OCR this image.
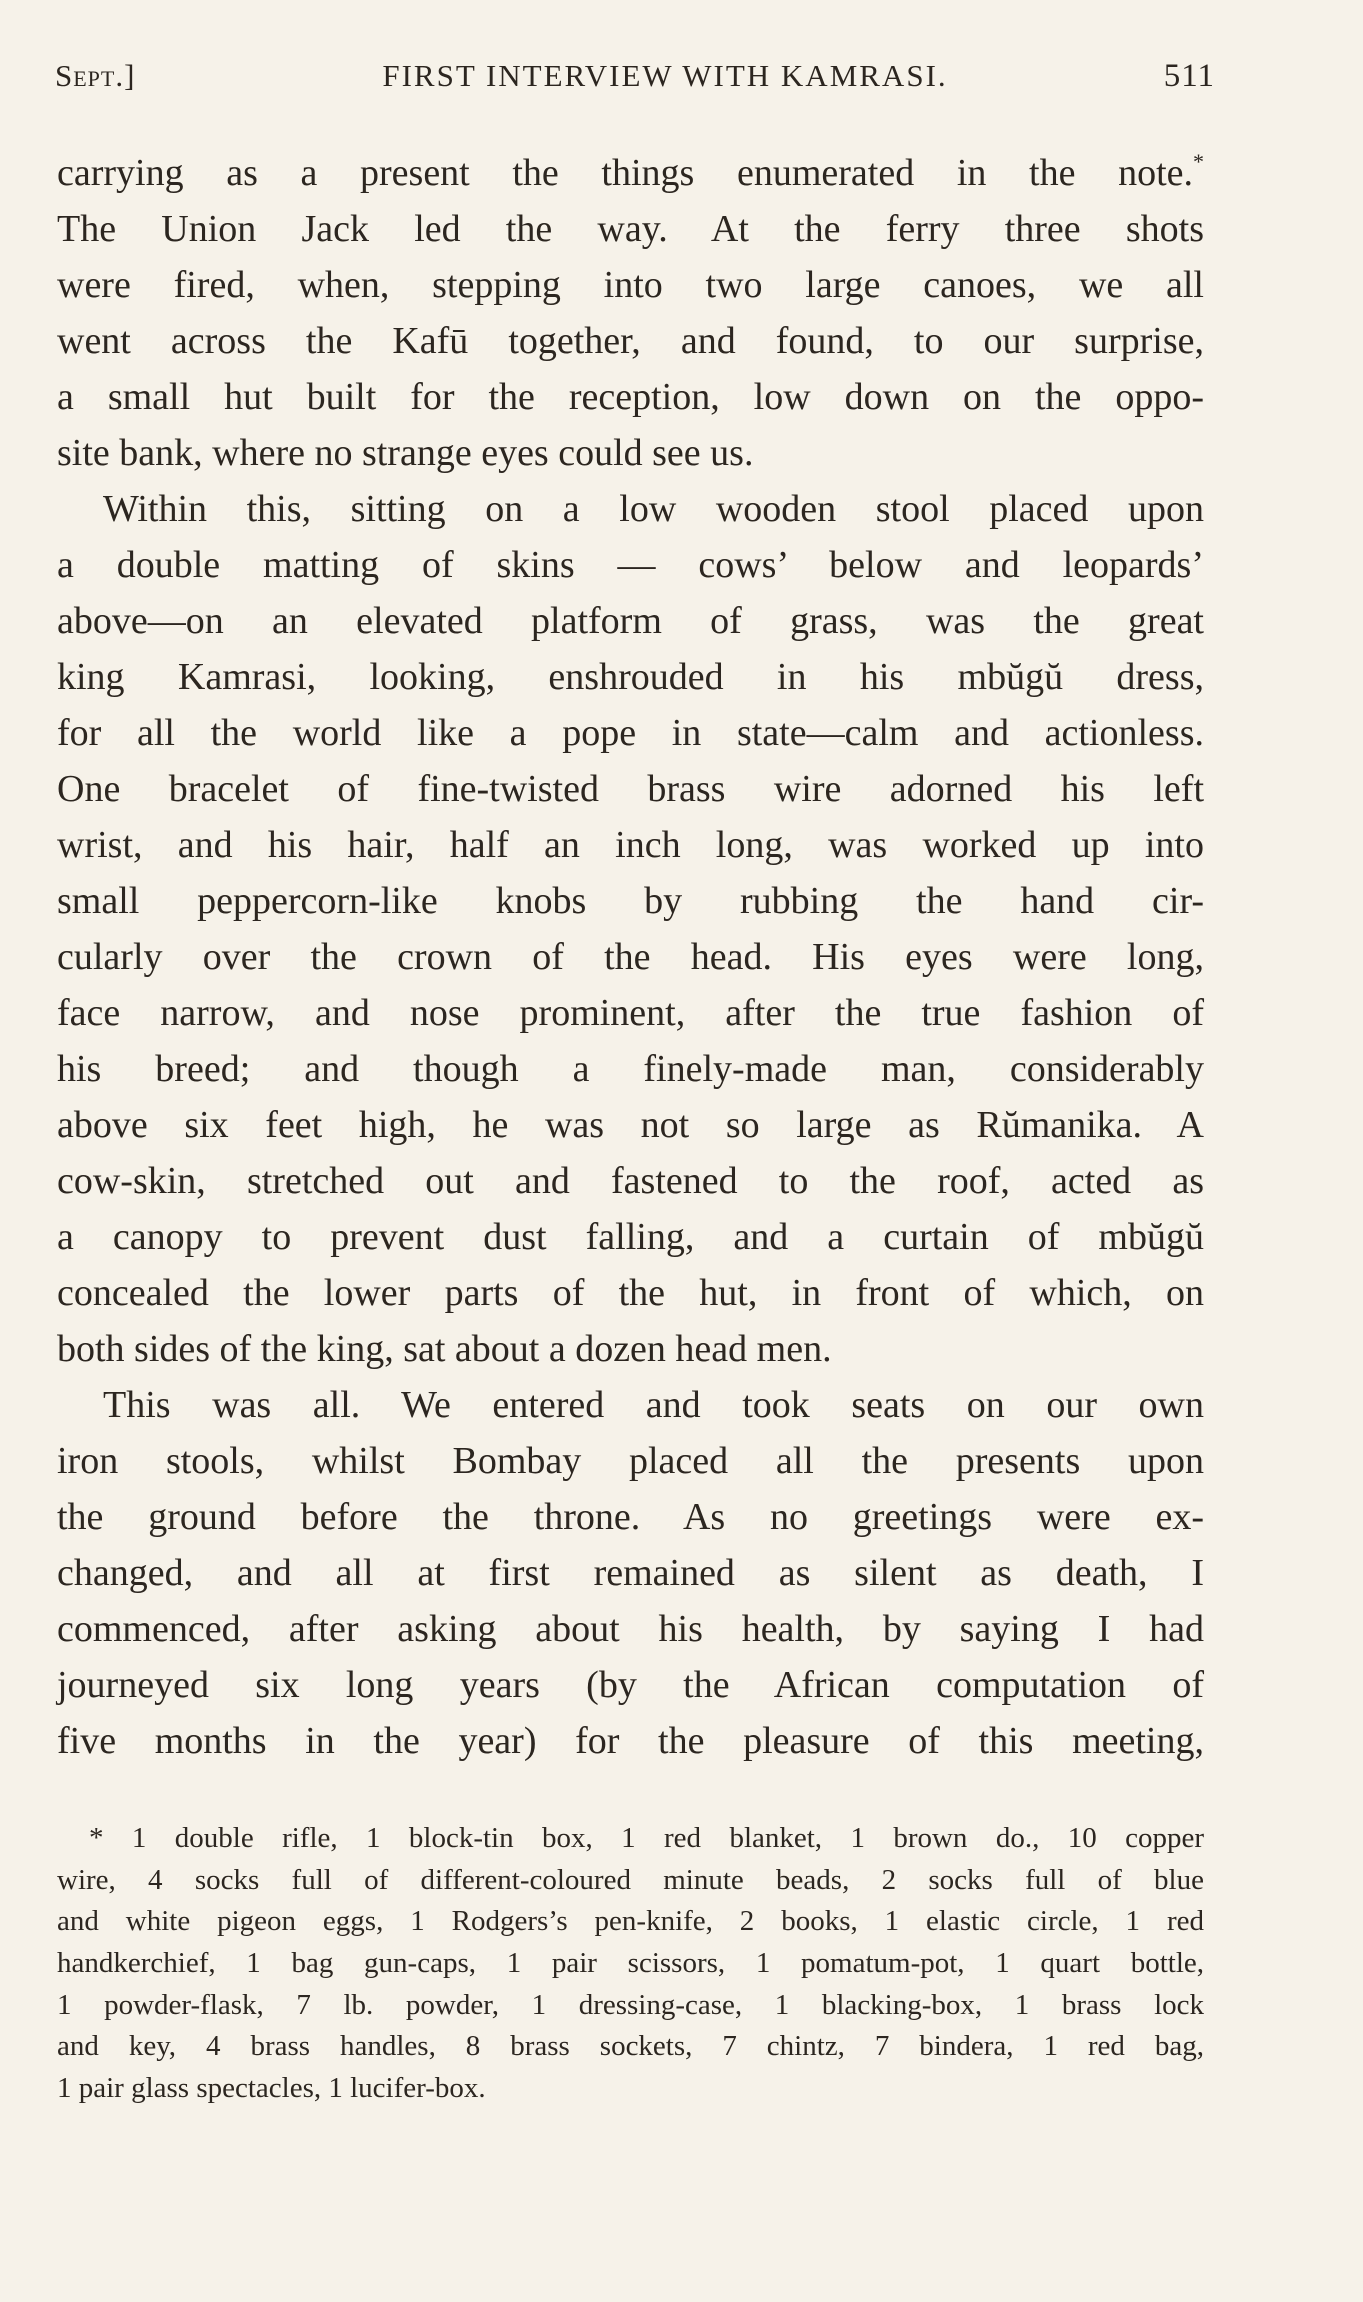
Sept.]	FIRST INTERVIEW WITH KAMRASI.	511
carrying as a present the things enumerated in the note.*
The Union Jack led the way. At the ferry three shots
were fired, when, stepping into two large canoes, we all
went across the Kafū together, and found, to our surprise,
a small hut built for the reception, low down on the oppo-
site bank, where no strange eyes could see us.
Within this, sitting on a low wooden stool placed upon
a double matting of skins — cows’ below and leopards’
above—on an elevated platform of grass, was the great
king Kamrasi, looking, enshrouded in his mbŭgŭ dress,
for all the world like a pope in state—calm and actionless.
One bracelet of fine-twisted brass wire adorned his left
wrist, and his hair, half an inch long, was worked up into
small peppercorn-like knobs by rubbing the hand cir-
cularly over the crown of the head. His eyes were long,
face narrow, and nose prominent, after the true fashion of
his breed; and though a finely-made man, considerably
above six feet high, he was not so large as Rŭmanika. A
cow-skin, stretched out and fastened to the roof, acted as
a canopy to prevent dust falling, and a curtain of mbŭgŭ
concealed the lower parts of the hut, in front of which, on
both sides of the king, sat about a dozen head men.
This was all. We entered and took seats on our own
iron stools, whilst Bombay placed all the presents upon
the ground before the throne. As no greetings were ex-
changed, and all at first remained as silent as death, I
commenced, after asking about his health, by saying I had
journeyed six long years (by the African computation of
five months in the year) for the pleasure of this meeting,
* 1 double rifle, 1 block-tin box, 1 red blanket, 1 brown do., 10 copper
wire, 4 socks full of different-coloured minute beads, 2 socks full of blue
and white pigeon eggs, 1 Rodgers’s pen-knife, 2 books, 1 elastic circle, 1 red
handkerchief, 1 bag gun-caps, 1 pair scissors, 1 pomatum-pot, 1 quart bottle,
1 powder-flask, 7 lb. powder, 1 dressing-case, 1 blacking-box, 1 brass lock
and key, 4 brass handles, 8 brass sockets, 7 chintz, 7 bindera, 1 red bag,
1 pair glass spectacles, 1 lucifer-box.
